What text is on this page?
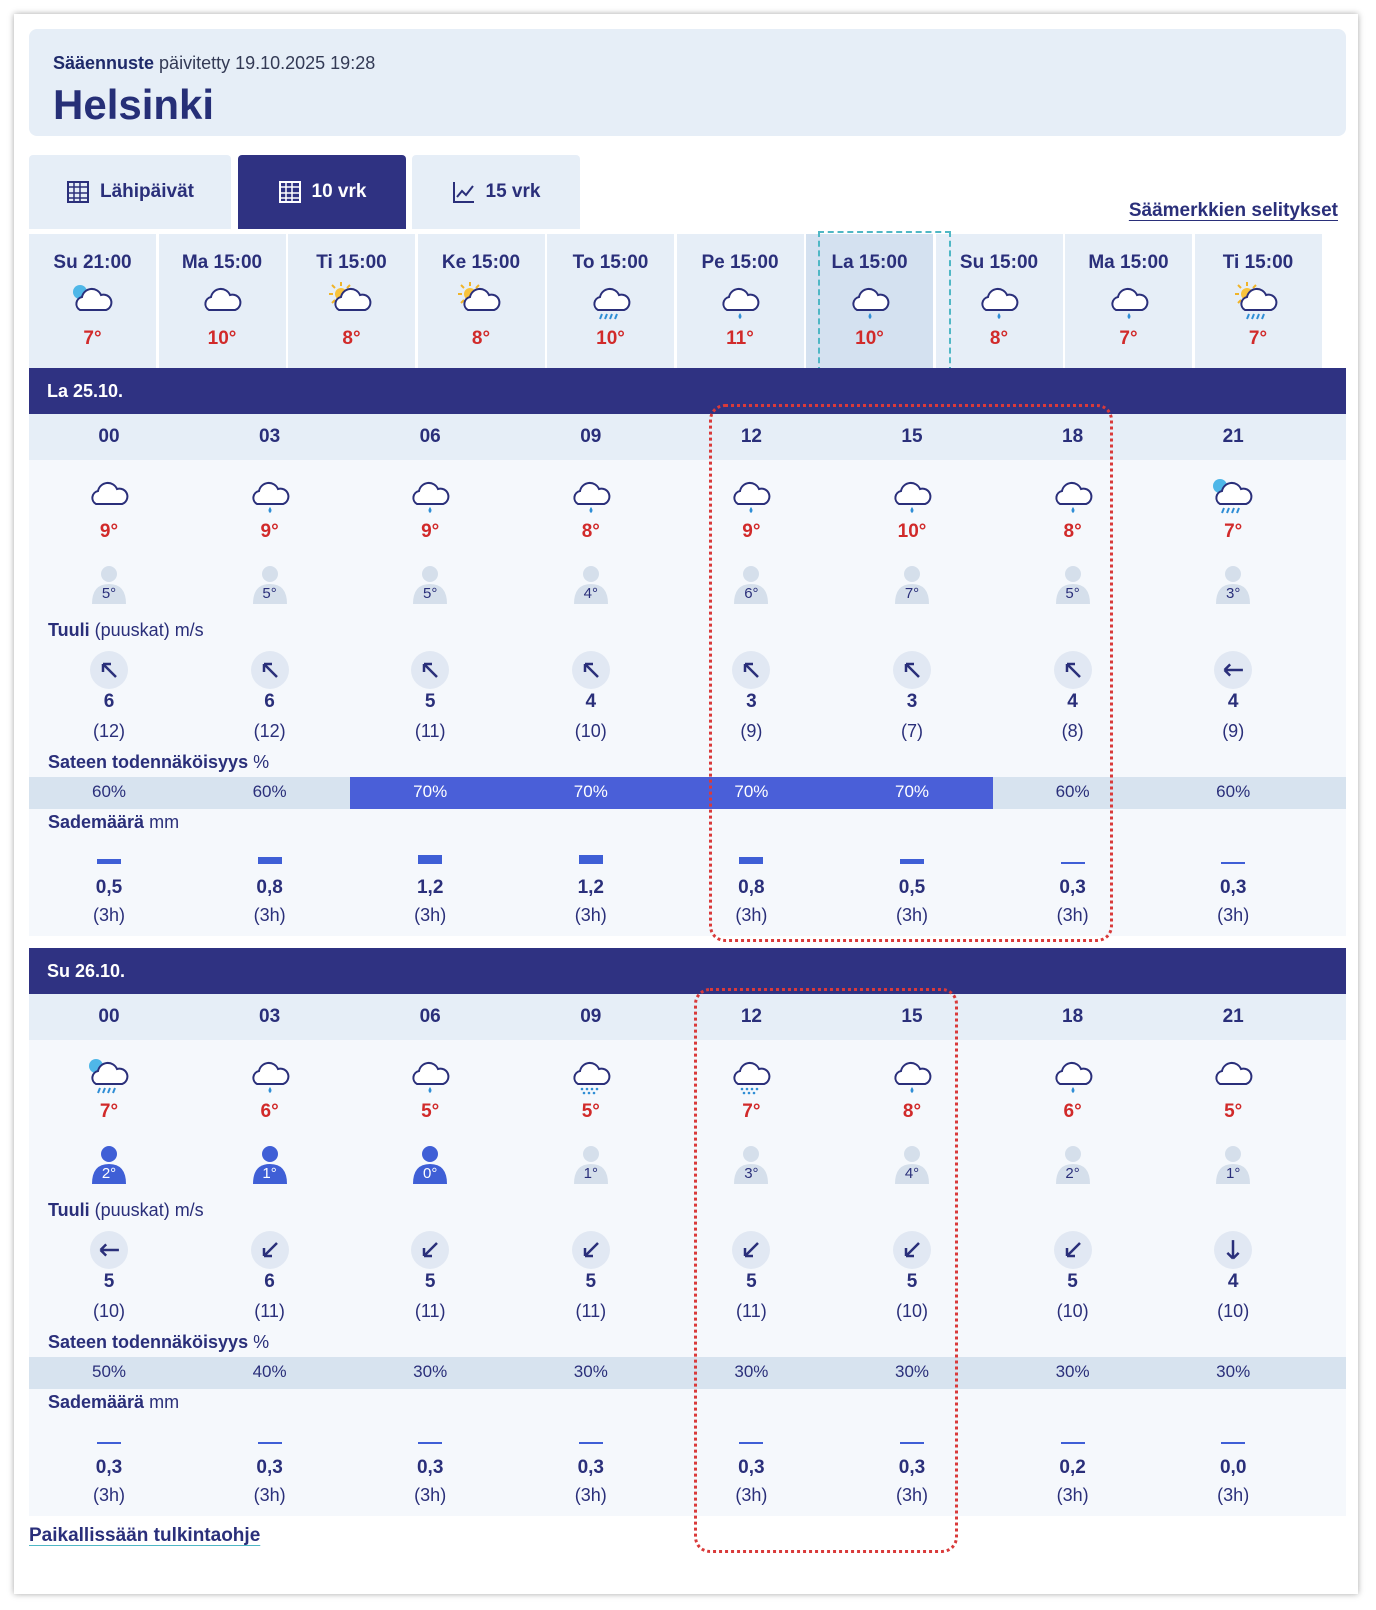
Sääennuste päivitetty 19.10.2025 19:28
Helsinki
Lähipäivät	10 vrk	15 vrk
Säämerkkien selitykset
Su 21:00
7°
Ma 15:00
10°
Ti 15:00
8°
Ke 15:00
8°
To 15:00
10°
Pe 15:00
11°
La 15:00
10°
Su 15:00
8°
Ma 15:00
7°
Ti 15:00
7°
La 25.10.
Tuuli (puuskat) m/s
Sateen todennäköisyys %
Sademäärä mm
00
9°
5°
6
(12)
60%
0,5
(3h)
03
9°
5°
6
(12)
60%
0,8
(3h)
06
9°
5°
5
(11)
70%
1,2
(3h)
09
8°
4°
4
(10)
70%
1,2
(3h)
12
9°
6°
3
(9)
70%
0,8
(3h)
15
10°
7°
3
(7)
70%
0,5
(3h)
18
8°
5°
4
(8)
60%
0,3
(3h)
21
7°
3°
4
(9)
60%
0,3
(3h)
Su 26.10.
Tuuli (puuskat) m/s
Sateen todennäköisyys %
Sademäärä mm
00
7°
2°
5
(10)
50%
0,3
(3h)
03
6°
1°
6
(11)
40%
0,3
(3h)
06
5°
0°
5
(11)
30%
0,3
(3h)
09
5°
1°
5
(11)
30%
0,3
(3h)
12
7°
3°
5
(11)
30%
0,3
(3h)
15
8°
4°
5
(10)
30%
0,3
(3h)
18
6°
2°
5
(10)
30%
0,2
(3h)
21
5°
1°
4
(10)
30%
0,0
(3h)
Paikallissään tulkintaohje
